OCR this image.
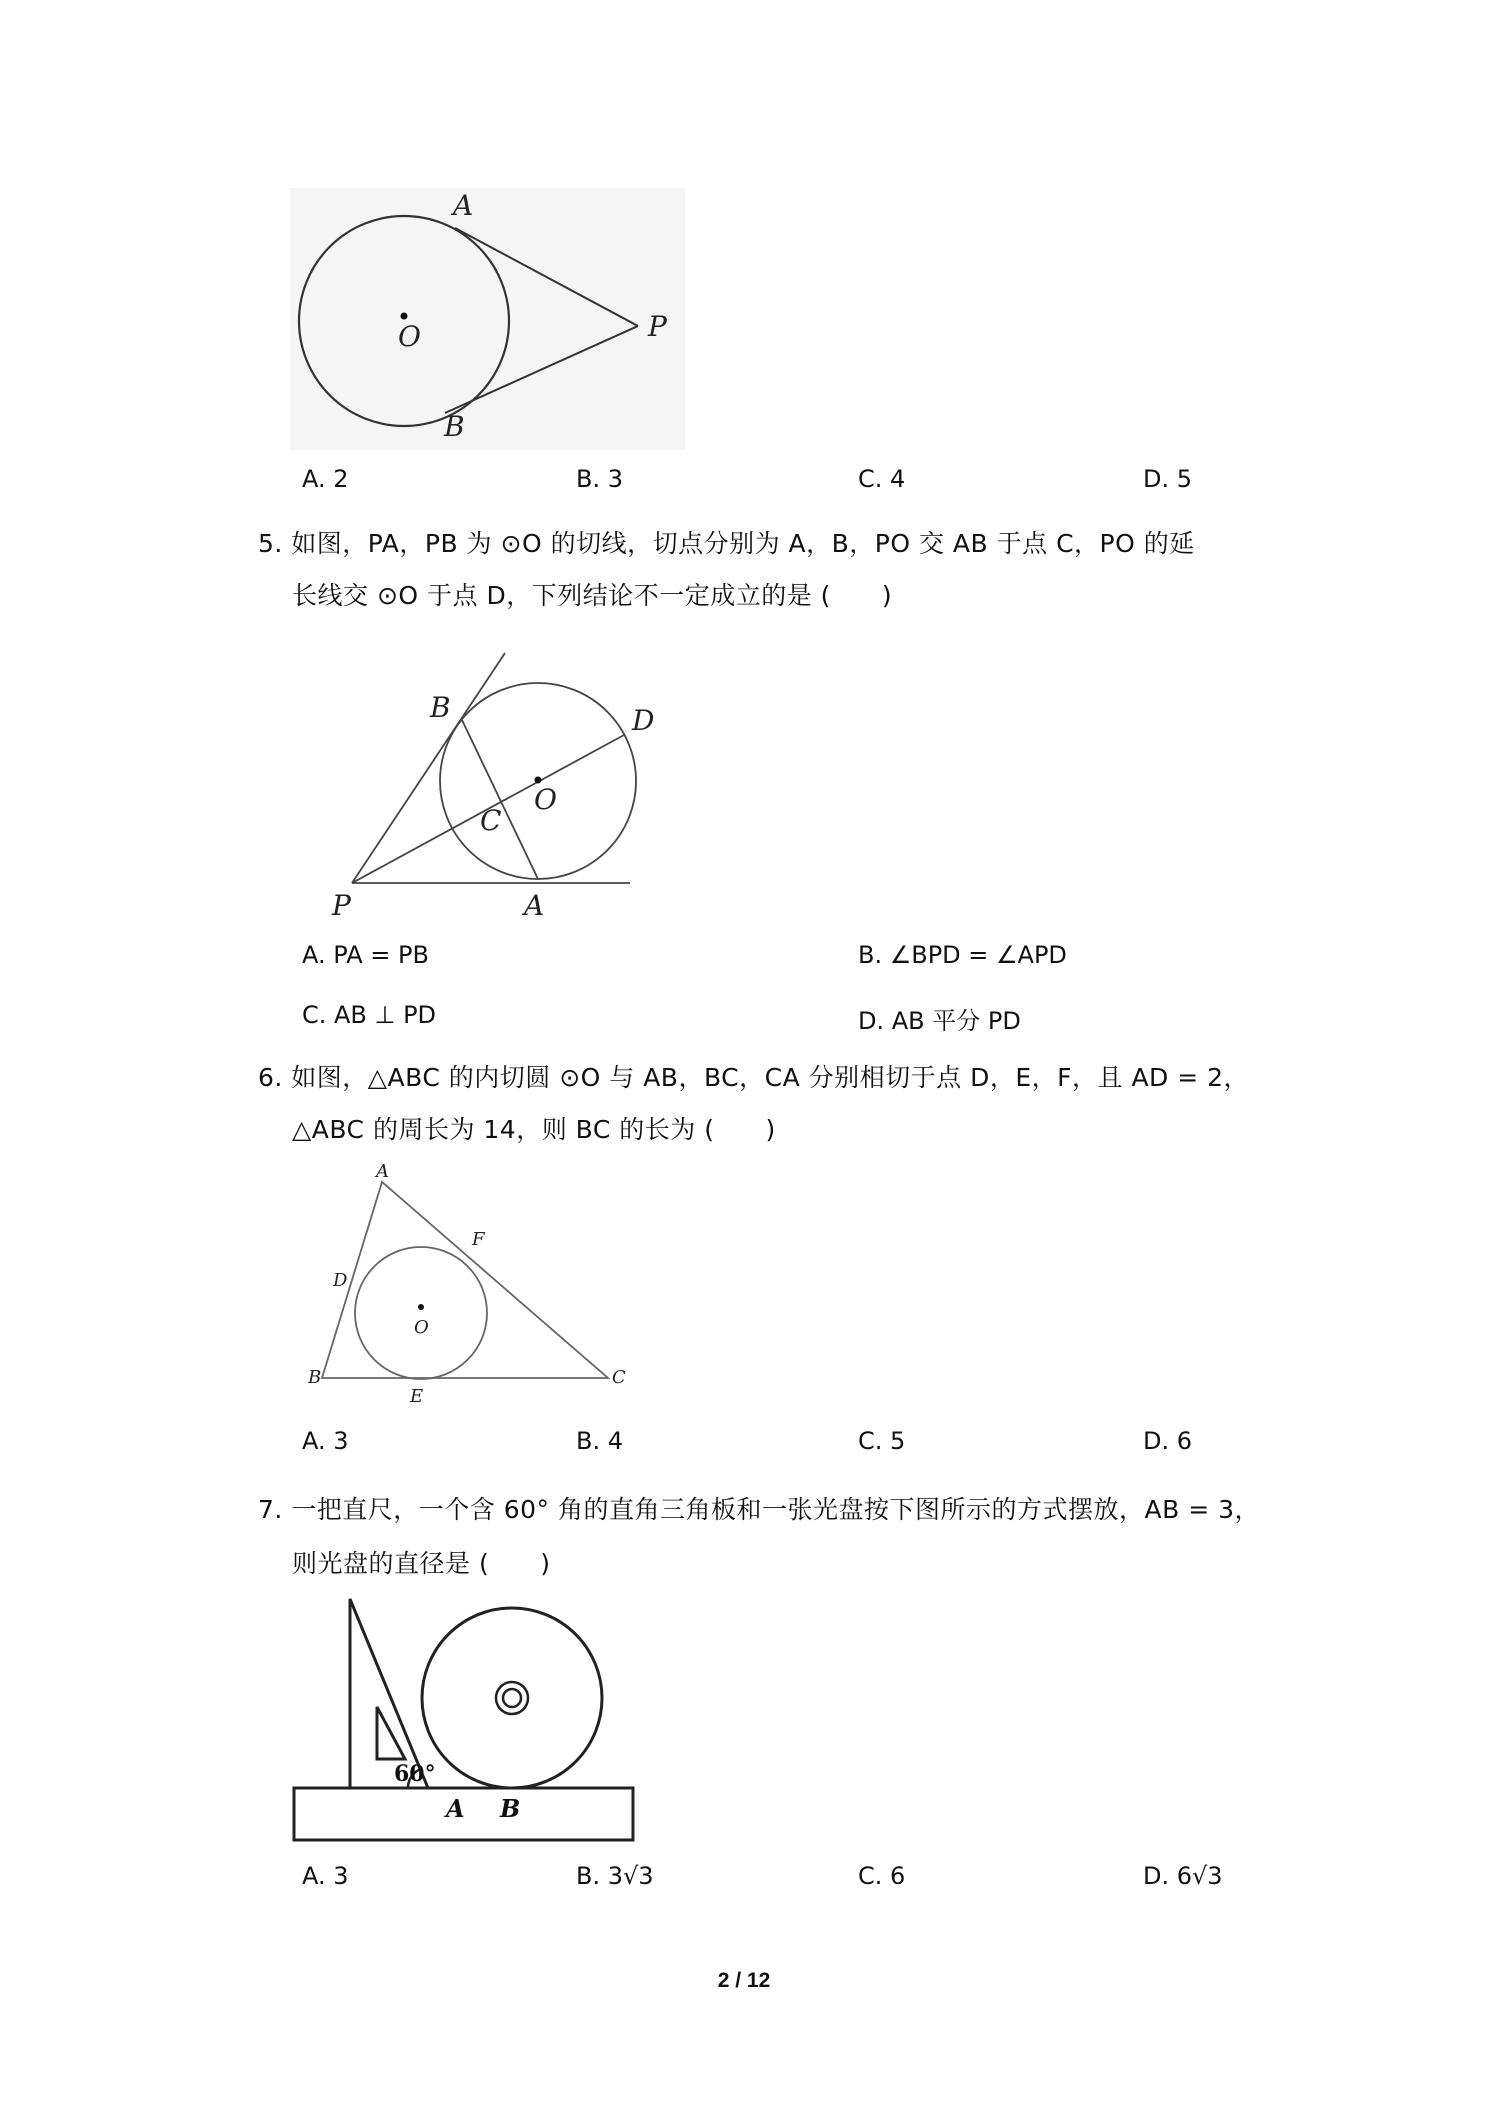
A
O	P
B
A. 2	B. 3	C. 4	D. 5
5. 如图，PA，PB 为 ⊙O 的切线，切点分别为 A，B，PO 交 AB 于点 C，PO 的延
长线交 ⊙O 于点 D，下列结论不一定成立的是 (　　)
B	D
O
C
P	A
A. PA = PB	B. ∠BPD = ∠APD
C. AB ⊥ PD	D. AB 平分 PD
6. 如图，△ABC 的内切圆 ⊙O 与 AB，BC，CA 分别相切于点 D，E，F，且 AD = 2，
△ABC 的周长为 14，则 BC 的长为 (　　)
A
F
D
O
B
E
C
A. 3	B. 4	C. 5	D. 6
7. 一把直尺，一个含 60° 角的直角三角板和一张光盘按下图所示的方式摆放，AB = 3，
则光盘的直径是 (　　)
60°
A B
A. 3	B. 3√3	C. 6	D. 6√3
2 / 12
